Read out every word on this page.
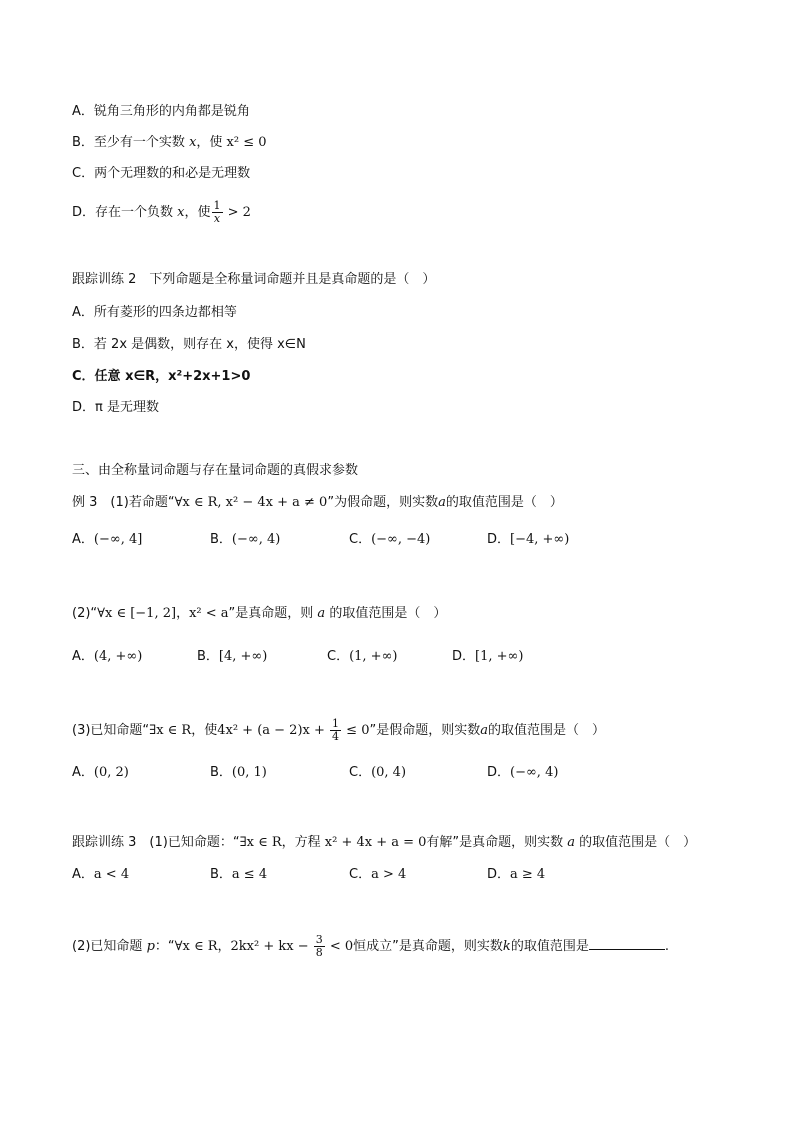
A．锐角三角形的内角都是锐角
B．至少有一个实数 x，使 x² ≤ 0
C．两个无理数的和必是无理数
D．存在一个负数 x，使 $\frac{1}{x} > 2$
跟踪训练 2　下列命题是全称量词命题并且是真命题的是（　）
A．所有菱形的四条边都相等
B．若 2x 是偶数，则存在 x，使得 x∈N
C．任意 x∈R，x²+2x+1>0
D．π 是无理数
三、由全称量词命题与存在量词命题的真假求参数
例 3　(1)若命题“∀x ∈ R, x² − 4x + a ≠ 0”为假命题，则实数a的取值范围是（　）
A．(−∞, 4]	B．(−∞, 4)	C．(−∞, −4)	D．[−4, +∞)
(2)“∀x ∈ [−1, 2]，x² < a”是真命题，则 a 的取值范围是（　）
A．(4, +∞)	B．[4, +∞)	C．(1, +∞)	D．[1, +∞)
(3)已知命题“∃x ∈ R，使$4x^2 + (a - 2)x + \frac{1}{4} \le 0$”是假命题，则实数a的取值范围是（　）
A．(0, 2)	B．(0, 1)	C．(0, 4)	D．(−∞, 4)
跟踪训练 3　(1)已知命题：“∃x ∈ R，方程 x² + 4x + a = 0有解”是真命题，则实数 a 的取值范围是（　）
A．a < 4	B．a ≤ 4	C．a > 4	D．a ≥ 4
(2)已知命题 p：“∀x ∈ R，2kx² + kx − $\frac{3}{8} < 0$恒成立”是真命题，则实数k的取值范围是	.
